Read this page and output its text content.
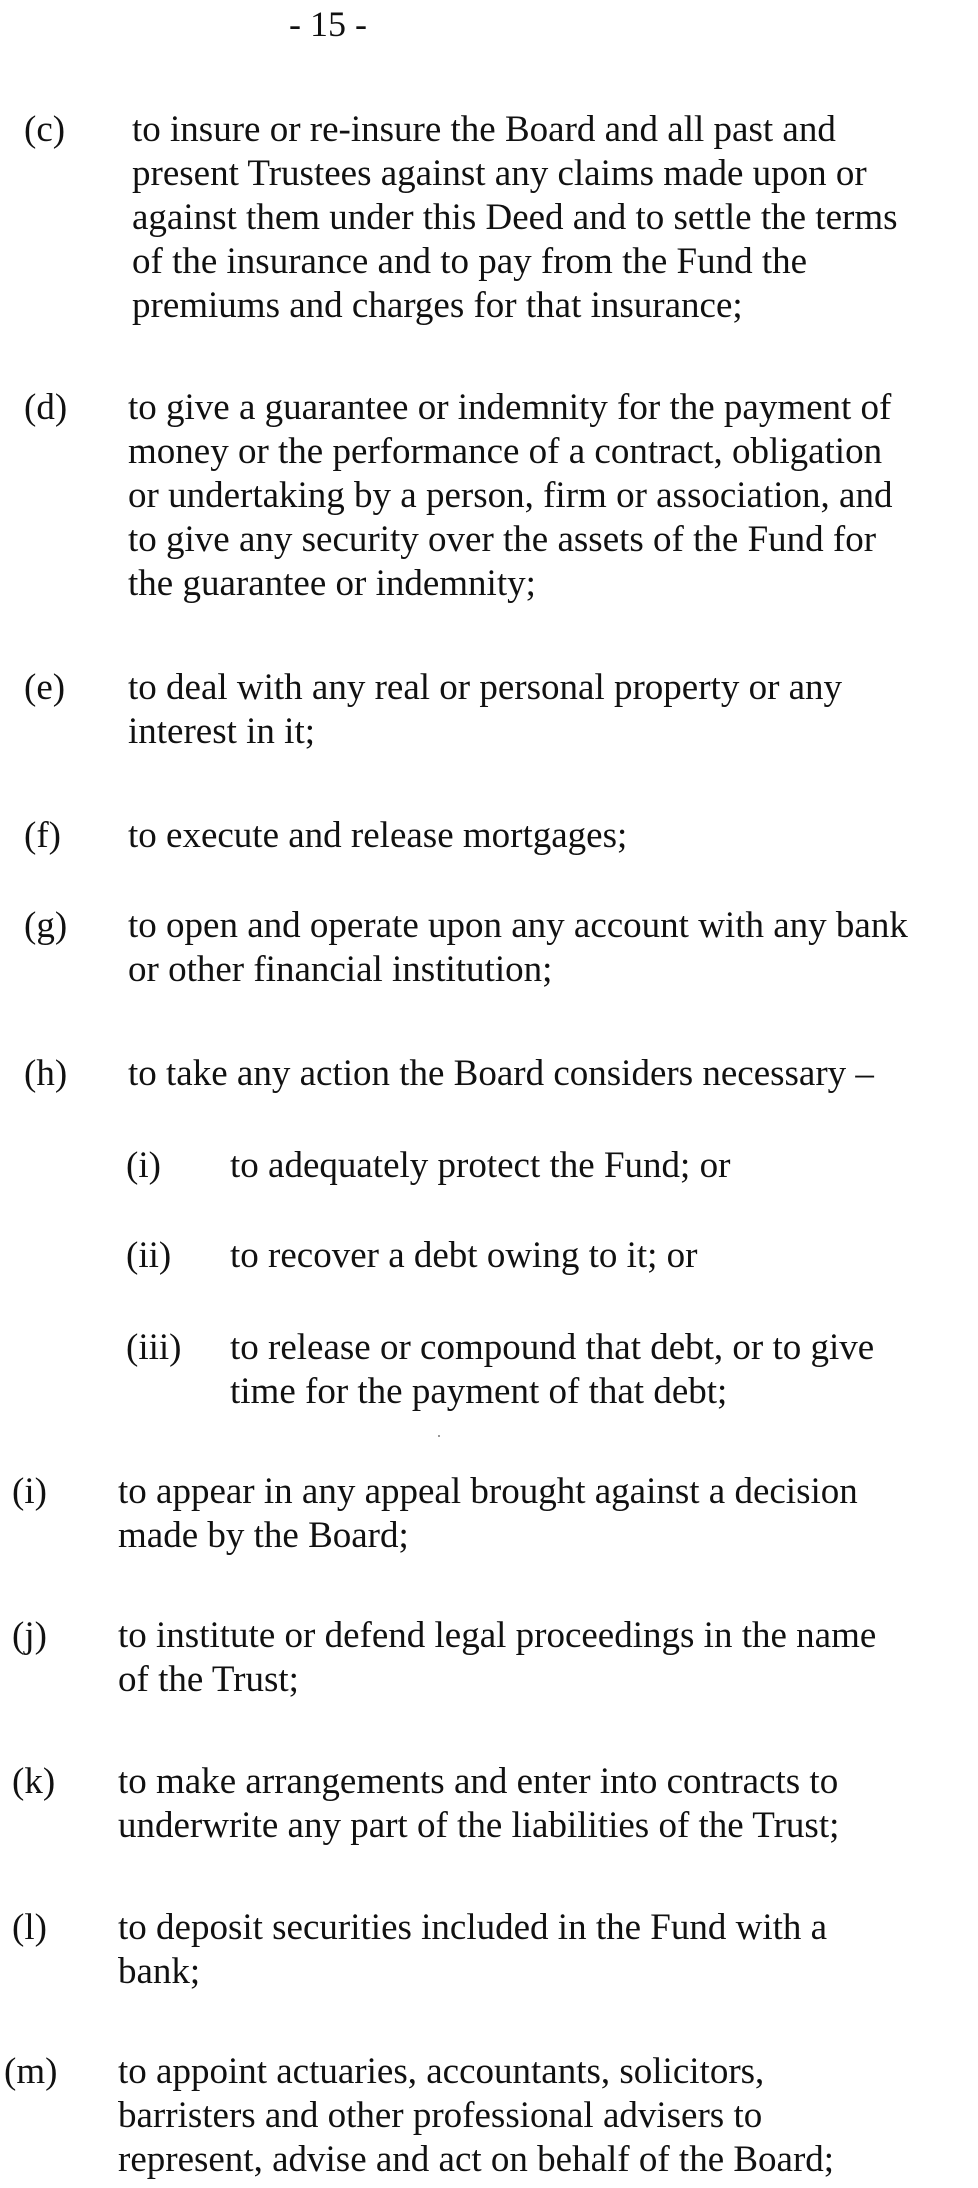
- 15 -
(c) to insure or re-insure the Board and all past and
present Trustees against any claims made upon or
against them under this Deed and to settle the terms
of the insurance and to pay from the Fund the
premiums and charges for that insurance;
(d) to give a guarantee or indemnity for the payment of
money or the performance of a contract, obligation
or undertaking by a person, firm or association, and
to give any security over the assets of the Fund for
the guarantee or indemnity;
(e) to deal with any real or personal property or any
interest in it;
(f) to execute and release mortgages;
(g) to open and operate upon any account with any bank
or other financial institution;
(h) to take any action the Board considers necessary –
(i) to adequately protect the Fund; or
(ii) to recover a debt owing to it; or
(iii) to release or compound that debt, or to give
time for the payment of that debt;
(i) to appear in any appeal brought against a decision
made by the Board;
(j) to institute or defend legal proceedings in the name
of the Trust;
(k) to make arrangements and enter into contracts to
underwrite any part of the liabilities of the Trust;
(l) to deposit securities included in the Fund with a
bank;
(m) to appoint actuaries, accountants, solicitors,
barristers and other professional advisers to
represent, advise and act on behalf of the Board;
